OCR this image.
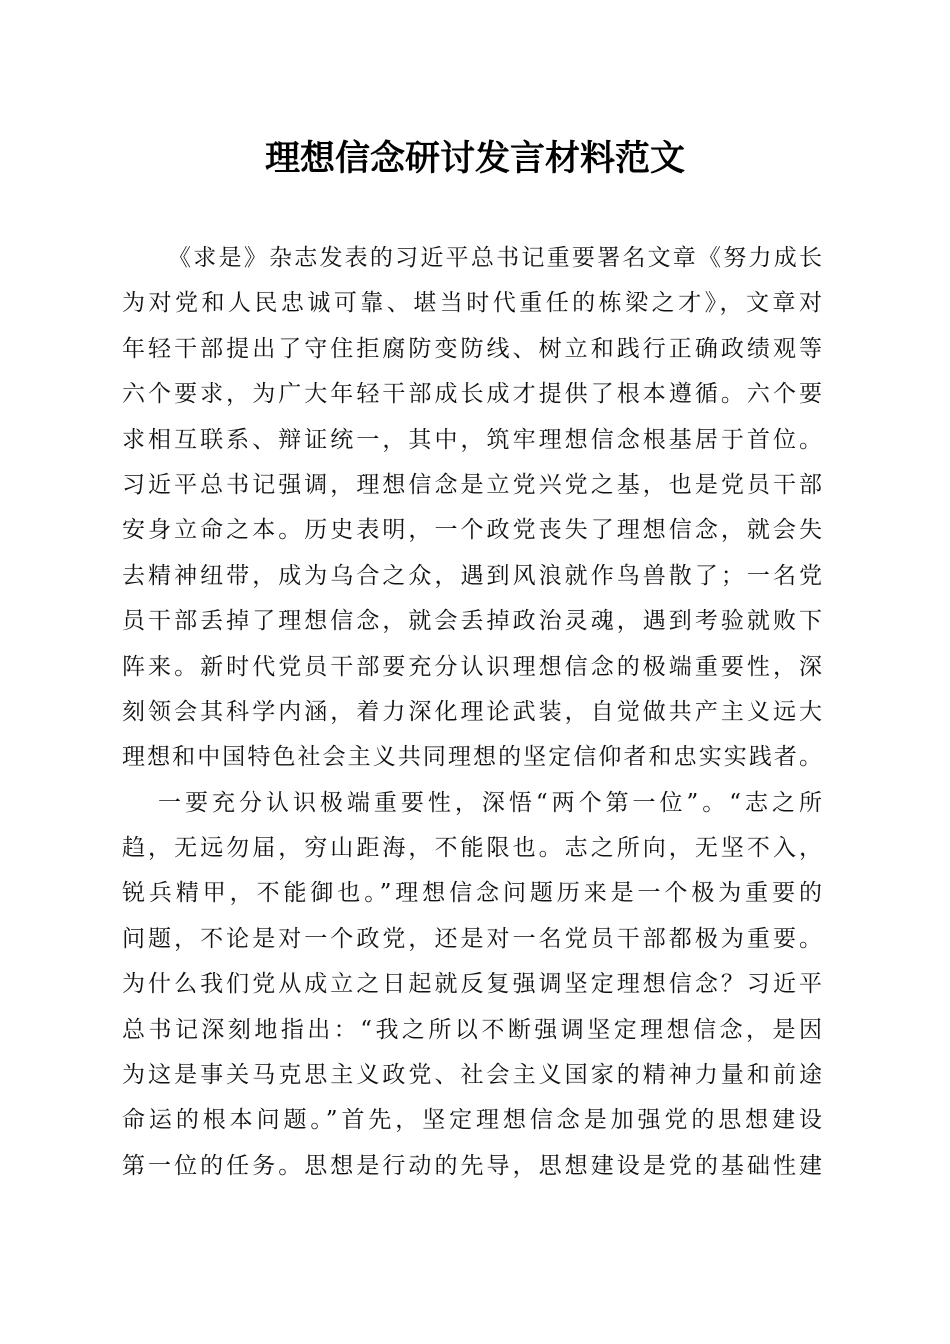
理想信念研讨发言材料范文
《求是》杂志发表的习近平总书记重要署名文章《努力成长
为对党和人民忠诚可靠、堪当时代重任的栋梁之才》，文章对
年轻干部提出了守住拒腐防变防线、树立和践行正确政绩观等
六个要求，为广大年轻干部成长成才提供了根本遵循。六个要
求相互联系、辩证统一，其中，筑牢理想信念根基居于首位。
习近平总书记强调，理想信念是立党兴党之基，也是党员干部
安身立命之本。历史表明，一个政党丧失了理想信念，就会失
去精神纽带，成为乌合之众，遇到风浪就作鸟兽散了；一名党
员干部丢掉了理想信念，就会丢掉政治灵魂，遇到考验就败下
阵来。新时代党员干部要充分认识理想信念的极端重要性，深
刻领会其科学内涵，着力深化理论武装，自觉做共产主义远大
理想和中国特色社会主义共同理想的坚定信仰者和忠实实践者。
一要充分认识极端重要性，深悟“两个第一位”。“志之所
趋，无远勿届，穷山距海，不能限也。志之所向，无坚不入，
锐兵精甲，不能御也。”理想信念问题历来是一个极为重要的
问题，不论是对一个政党，还是对一名党员干部都极为重要。
为什么我们党从成立之日起就反复强调坚定理想信念？习近平
总书记深刻地指出：“我之所以不断强调坚定理想信念，是因
为这是事关马克思主义政党、社会主义国家的精神力量和前途
命运的根本问题。”首先，坚定理想信念是加强党的思想建设
第一位的任务。思想是行动的先导，思想建设是党的基础性建
